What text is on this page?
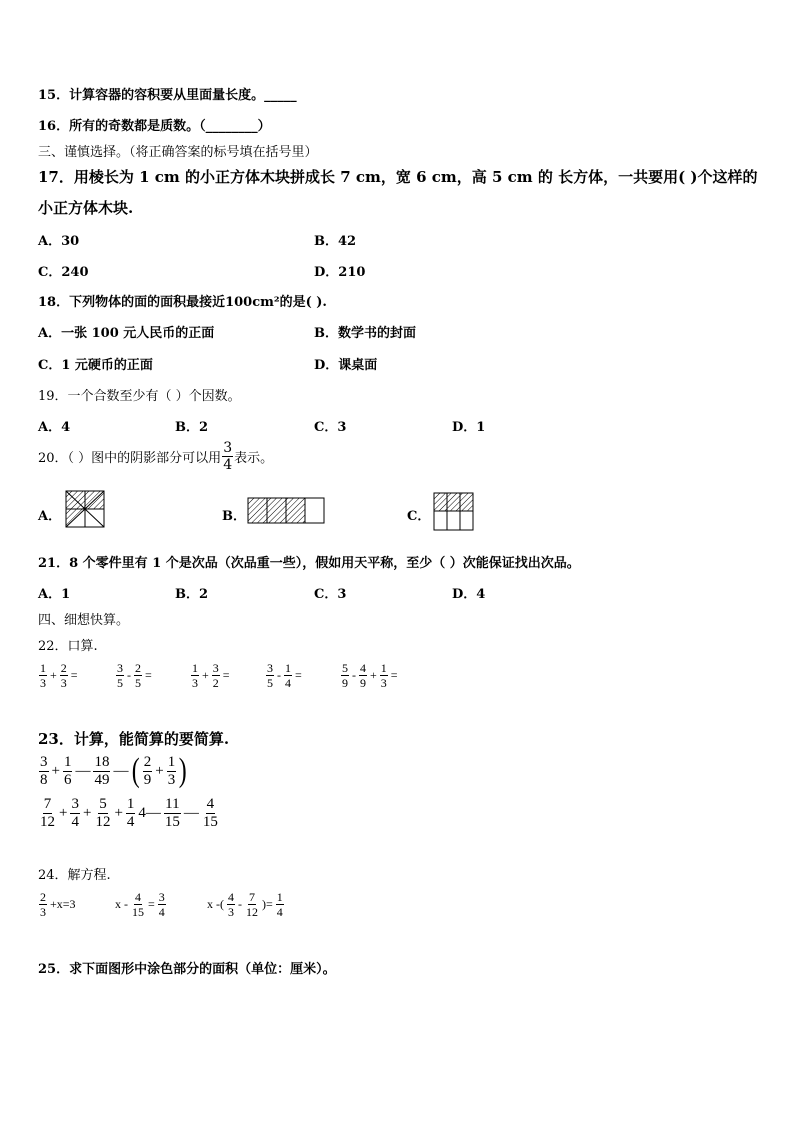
15．计算容器的容积要从里面量长度。_____
16．所有的奇数都是质数。（________）
三、谨慎选择。（将正确答案的标号填在括号里）
17．用棱长为 1 cm 的小正方体木块拼成长 7 cm，宽 6 cm，高 5 cm 的 长方体，一共要用( )个这样的
小正方体木块.
A．30	B．42
C．240	D．210
18．下列物体的面的面积最接近100cm²的是( ).
A．一张 100 元人民币的正面	B．数学书的封面
C．1 元硬币的正面	D．课桌面
19．一个合数至少有（ ）个因数。
A．4	B．2	C．3	D．1
20．（ ）图中的阴影部分可以用 $\frac{3}{4}$ 表示。
A．	B．	C．
21．8 个零件里有 1 个是次品（次品重一些），假如用天平称，至少（ ）次能保证找出次品。
A．1	B．2	C．3	D．4
四、细想快算。
22．口算.
$\frac{1}{3} + \frac{2}{3}$ =	$\frac{3}{5} - \frac{2}{5}$ =	$\frac{1}{3} + \frac{3}{2}$ =	$\frac{3}{5} - \frac{1}{4}$ =	$\frac{5}{9} - \frac{4}{9} + \frac{1}{3}$ =
23．计算，能简算的要简算.
$\frac{3}{8} + \frac{1}{6}$ — $\frac{18}{49}$ — ( $\frac{2}{9} + \frac{1}{3}$ )
$\frac{7}{12} + \frac{3}{4} + \frac{5}{12} + \frac{1}{4}$ 4— $\frac{11}{15}$ — $\frac{4}{15}$
24．解方程.
$\frac{2}{3} +x=3$	$x - \frac{4}{15} = \frac{3}{4}$	x -( $\frac{4}{3} - \frac{7}{12}$ )= $\frac{1}{4}$
25．求下面图形中涂色部分的面积（单位：厘米）。
